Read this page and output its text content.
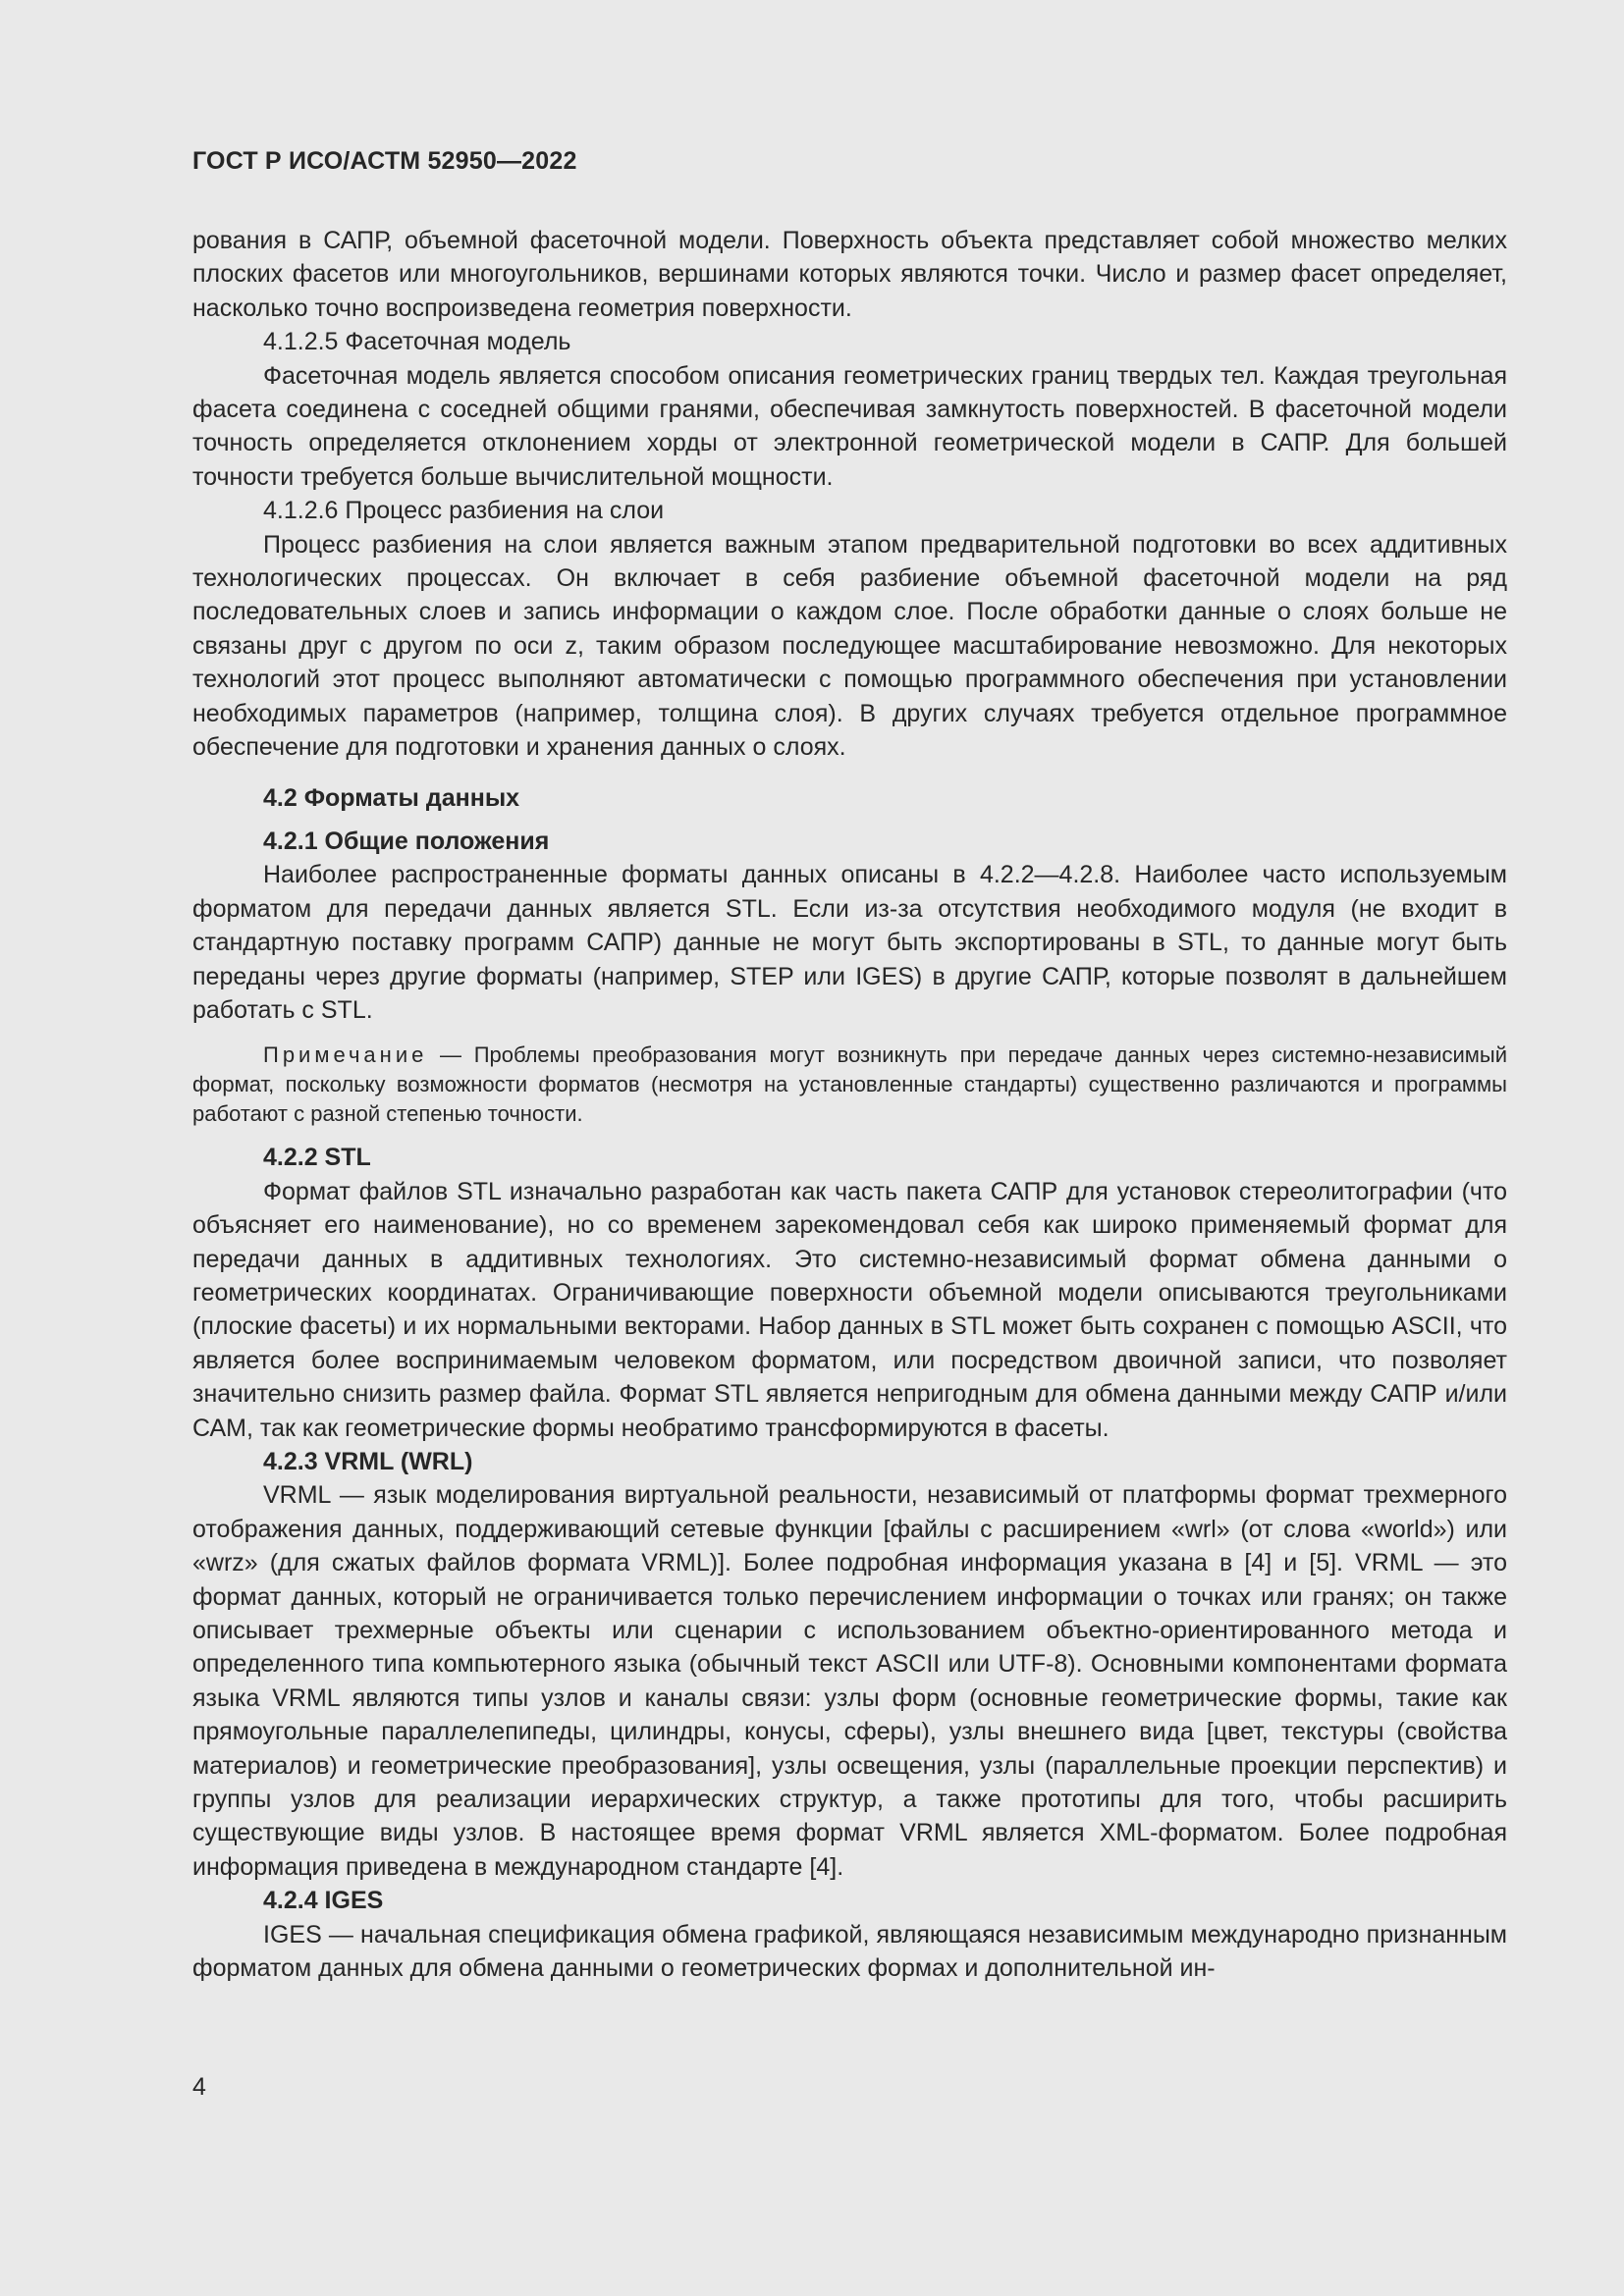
ГОСТ Р ИСО/АСТМ 52950—2022

рования в САПР, объемной фасеточной модели. Поверхность объекта представляет собой множество мелких плоских фасетов или многоугольников, вершинами которых являются точки. Число и размер фасет определяет, насколько точно воспроизведена геометрия поверхности.

4.1.2.5 Фасеточная модель

Фасеточная модель является способом описания геометрических границ твердых тел. Каждая треугольная фасета соединена с соседней общими гранями, обеспечивая замкнутость поверхностей. В фасеточной модели точность определяется отклонением хорды от электронной геометрической модели в САПР. Для большей точности требуется больше вычислительной мощности.

4.1.2.6 Процесс разбиения на слои

Процесс разбиения на слои является важным этапом предварительной подготовки во всех аддитивных технологических процессах. Он включает в себя разбиение объемной фасеточной модели на ряд последовательных слоев и запись информации о каждом слое. После обработки данные о слоях больше не связаны друг с другом по оси z, таким образом последующее масштабирование невозможно. Для некоторых технологий этот процесс выполняют автоматически с помощью программного обеспечения при установлении необходимых параметров (например, толщина слоя). В других случаях требуется отдельное программное обеспечение для подготовки и хранения данных о слоях.

4.2 Форматы данных

4.2.1 Общие положения

Наиболее распространенные форматы данных описаны в 4.2.2—4.2.8. Наиболее часто используемым форматом для передачи данных является STL. Если из-за отсутствия необходимого модуля (не входит в стандартную поставку программ САПР) данные не могут быть экспортированы в STL, то данные могут быть переданы через другие форматы (например, STEP или IGES) в другие САПР, которые позволят в дальнейшем работать с STL.

Примечание — Проблемы преобразования могут возникнуть при передаче данных через системно-независимый формат, поскольку возможности форматов (несмотря на установленные стандарты) существенно различаются и программы работают с разной степенью точности.

4.2.2 STL

Формат файлов STL изначально разработан как часть пакета САПР для установок стереолитографии (что объясняет его наименование), но со временем зарекомендовал себя как широко применяемый формат для передачи данных в аддитивных технологиях. Это системно-независимый формат обмена данными о геометрических координатах. Ограничивающие поверхности объемной модели описываются треугольниками (плоские фасеты) и их нормальными векторами. Набор данных в STL может быть сохранен с помощью ASCII, что является более воспринимаемым человеком форматом, или посредством двоичной записи, что позволяет значительно снизить размер файла. Формат STL является непригодным для обмена данными между САПР и/или САМ, так как геометрические формы необратимо трансформируются в фасеты.

4.2.3 VRML (WRL)

VRML — язык моделирования виртуальной реальности, независимый от платформы формат трехмерного отображения данных, поддерживающий сетевые функции [файлы с расширением «wrl» (от слова «world») или «wrz» (для сжатых файлов формата VRML)]. Более подробная информация указана в [4] и [5]. VRML — это формат данных, который не ограничивается только перечислением информации о точках или гранях; он также описывает трехмерные объекты или сценарии с использованием объектно-ориентированного метода и определенного типа компьютерного языка (обычный текст ASCII или UTF-8). Основными компонентами формата языка VRML являются типы узлов и каналы связи: узлы форм (основные геометрические формы, такие как прямоугольные параллелепипеды, цилиндры, конусы, сферы), узлы внешнего вида [цвет, текстуры (свойства материалов) и геометрические преобразования], узлы освещения, узлы (параллельные проекции перспектив) и группы узлов для реализации иерархических структур, а также прототипы для того, чтобы расширить существующие виды узлов. В настоящее время формат VRML является XML-форматом. Более подробная информация приведена в международном стандарте [4].

4.2.4 IGES

IGES — начальная спецификация обмена графикой, являющаяся независимым международно признанным форматом данных для обмена данными о геометрических формах и дополнительной ин-

4
